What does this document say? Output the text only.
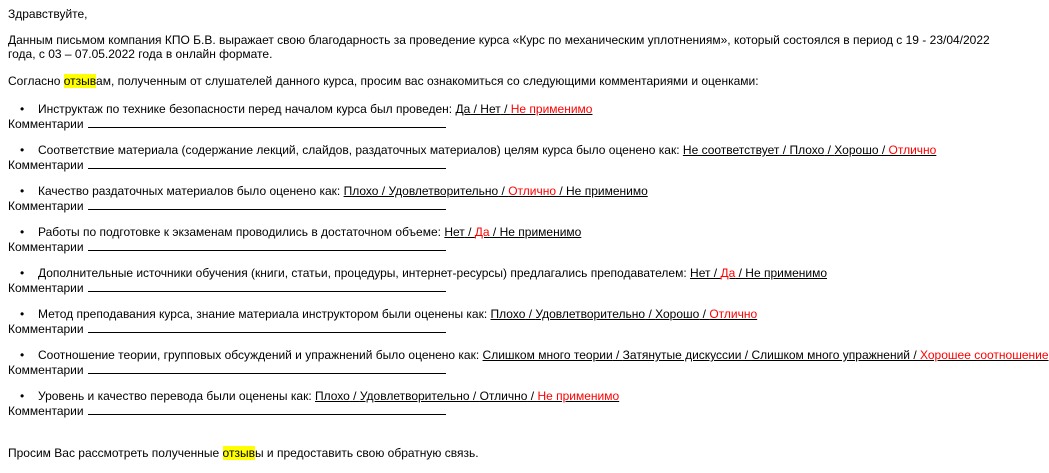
Здравствуйте,

Данным письмом компания КПО Б.В. выражает свою благодарность за проведение курса «Курс по механическим уплотнениям», который состоялся в период с 19 - 23/04/2022 года, с 03 – 07.05.2022 года в онлайн формате.

Согласно отзывам, полученным от слушателей данного курса, просим вас ознакомиться со следующими комментариями и оценками:

• Инструктаж по технике безопасности перед началом курса был проведен: Да / Нет / Не применимо
Комментарии
• Соответствие материала (содержание лекций, слайдов, раздаточных материалов) целям курса было оценено как: Не соответствует / Плохо / Хорошо / Отлично
Комментарии
• Качество раздаточных материалов было оценено как: Плохо / Удовлетворительно / Отлично / Не применимо
Комментарии
• Работы по подготовке к экзаменам проводились в достаточном объеме: Нет / Да / Не применимо
Комментарии
• Дополнительные источники обучения (книги, статьи, процедуры, интернет-ресурсы) предлагались преподавателем: Нет / Да / Не применимо
Комментарии
• Метод преподавания курса, знание материала инструктором были оценены как: Плохо / Удовлетворительно / Хорошо / Отлично
Комментарии
• Соотношение теории, групповых обсуждений и упражнений было оценено как: Слишком много теории / Затянутые дискуссии / Слишком много упражнений / Хорошее соотношение
Комментарии
• Уровень и качество перевода были оценены как: Плохо / Удовлетворительно / Отлично / Не применимо
Комментарии

Просим Вас рассмотреть полученные отзывы и предоставить свою обратную связь.
